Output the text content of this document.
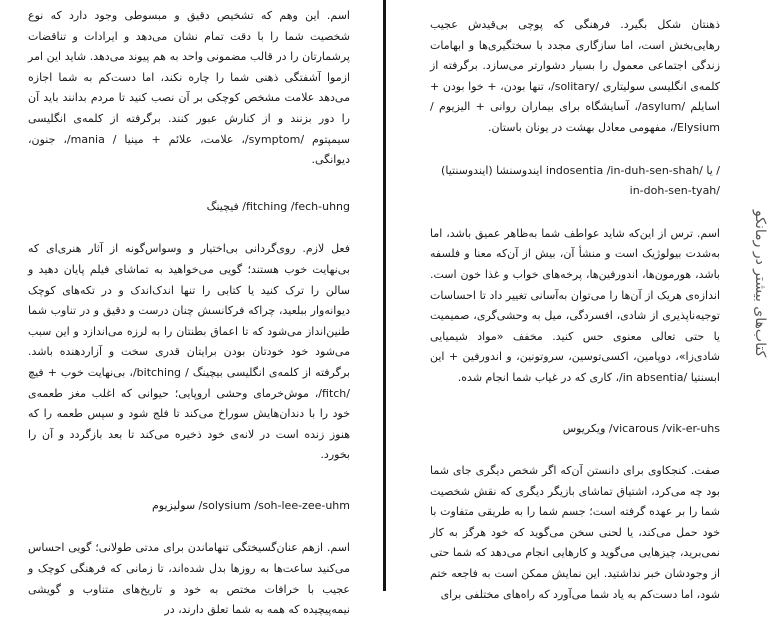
اسم. این وهم که تشخیص دقیق و مبسوطی وجود دارد که نوع شخصیت شما را با دقت تمام نشان می‌دهد و ایرادات و تناقضات پرشمارتان را در قالب مضمونی واحد به هم پیوند می‌دهد. شاید این امر ازموا آشفتگی ذهنی شما را چاره نکند، اما دست‌کم به شما اجازه می‌دهد علامت مشخص کوچکی بر آن نصب کنید تا مردم بدانند باید آن را دور بزنند و از کنارش عبور کنند. برگرفته از کلمه‌ی انگلیسی سیمپتوم /symptom/، علامت، علائم + مینیا / mania/، جنون، دیوانگی.

فیچینگ /fitching /fech-uhng

فعل لازم. روی‌گردانی بی‌اختیار و وسواس‌گونه از آثار هنری‌ای که بی‌نهایت خوب هستند؛ گویی می‌خواهید به تماشای فیلم پایان دهید و سالن را ترک کنید یا کتابی را تنها اندک‌اندک و در تکه‌های کوچک دیوانه‌وار ببلعید، چراکه فرکانسش چنان درست و دقیق و در تناوب شما طنین‌انداز می‌شود که تا اعماق بطنتان را به لرزه می‌اندازد و این سبب می‌شود خود خودتان بودن برایتان قدری سخت و آزاردهنده باشد. برگرفته از کلمه‌ی انگلیسی بیچینگ / bitching/، بی‌نهایت خوب + فیچ /fitch/، موش‌خرمای وحشی اروپایی؛ حیوانی که اغلب مغز طعمه‌ی خود را با دندان‌هایش سوراخ می‌کند تا فلج شود و سپس طعمه را که هنوز زنده است در لانه‌ی خود ذخیره می‌کند تا بعد بازگردد و آن را بخورد.

سولیزیوم /solysium /soh-lee-zee-uhm

اسم. ازهم عنان‌گسیختگی تنهاماندن برای مدتی طولانی؛ گویی احساس می‌کنید ساعت‌ها به روزها بدل شده‌اند، تا زمانی که فرهنگی کوچک و عجیب با خرافات مختص به خود و تاریخ‌های متناوب و گویشی نیمه‌پیچیده که همه به شما تعلق دارند، در

کتاب‌های بیشتر در رمانکو

ذهنتان شکل بگیرد. فرهنگی که پوچی بی‌قیدش عجیب رهایی‌بخش است، اما سازگاری مجدد با سختگیری‌ها و ابهامات زندگی اجتماعی معمول را بسیار دشوارتر می‌سازد. برگرفته از کلمه‌ی انگلیسی سولیتاری /solitary/، تنها بودن، + خوا بودن + اسایلم /asylum/، آسایشگاه برای بیماران روانی + الیزیوم / Elysium/، مفهومی معادل بهشت در یونان باستان.

ایندوسنشا (ایندوسنتیا) indosentia /in-duh-sen-shah/ یا / in-doh-sen-tyah/

اسم. ترس از این‌که شاید عواطف شما به‌ظاهر عمیق باشد، اما به‌شدت بیولوژیک است و منشأ آن، بیش از آن‌که معنا و فلسفه باشد، هورمون‌ها، اندورفین‌ها، پرخه‌های خواب و غذا خون است. اندازه‌ی هریک از آن‌ها را می‌توان به‌آسانی تغییر داد تا احساسات توجیه‌ناپذیری از شادی، افسردگی، میل به وحشی‌گری، صمیمیت یا حتی تعالی معنوی حس کنید. مخفف «مواد شیمیایی شادی‌زا»، دوپامین، اکسی‌توسین، سروتونین، و اندورفین + این ابسنتیا /in absentia/، کاری که در غیاب شما انجام شده.

ویکریوس /vicarous /vik-er-uhs

صفت. کنجکاوی برای دانستن آن‌که اگر شخص دیگری جای شما بود چه می‌کرد، اشتیاق تماشای بازیگر دیگری که نقش شخصیت شما را بر عهده گرفته است؛ جسم شما را به طریقی متفاوت با خود حمل می‌کند، یا لحنی سخن می‌گوید که خود هرگز به کار نمی‌برید، چیزهایی می‌گوید و کارهایی انجام می‌دهد که شما حتی از وجودشان خبر نداشتید. این نمایش ممکن است به فاجعه ختم شود، اما دست‌کم به یاد شما می‌آورد که راه‌های مختلفی برای
